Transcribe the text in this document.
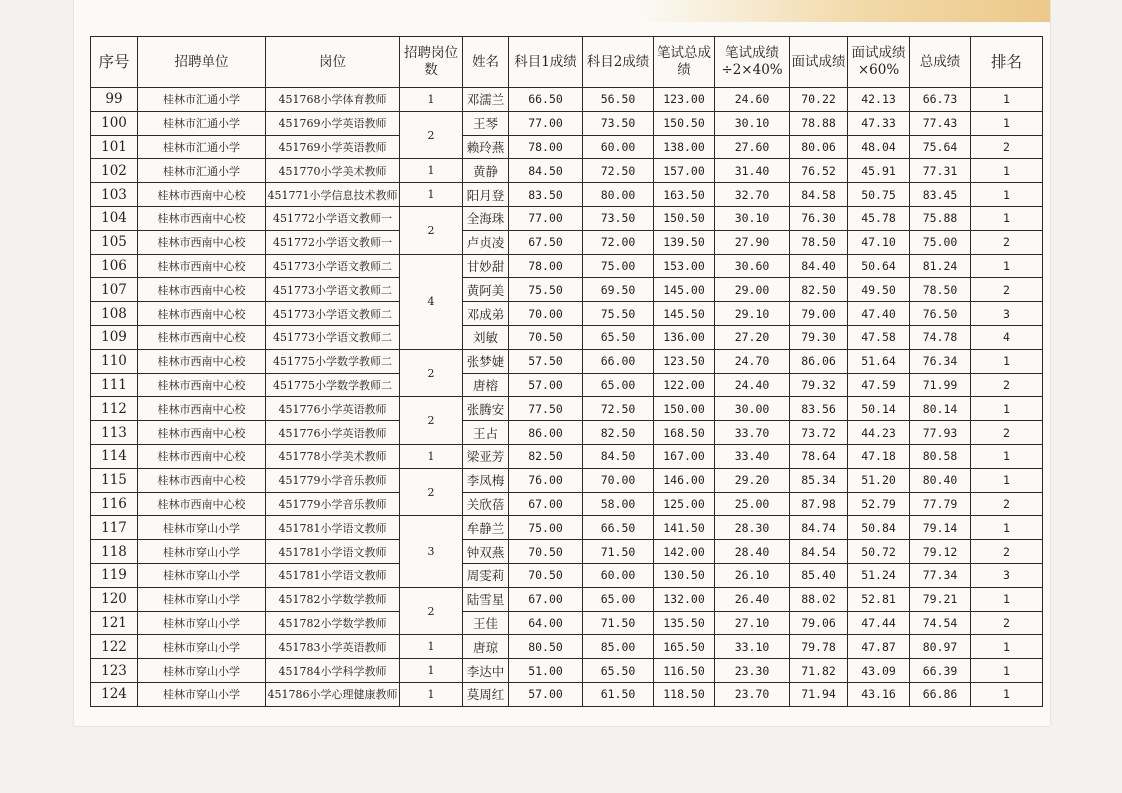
序号	招聘单位	岗位	招聘岗位数	姓名	科目1成绩	科目2成绩	笔试总成绩	笔试成绩÷2×40%	面试成绩	面试成绩×60%	总成绩	排名
99	桂林市汇通小学	451768小学体育教师	1	邓濡兰	66.50	56.50	123.00	24.60	70.22	42.13	66.73	1
100	桂林市汇通小学	451769小学英语教师	2	王琴	77.00	73.50	150.50	30.10	78.88	47.33	77.43	1
101	桂林市汇通小学	451769小学英语教师		赖玲燕	78.00	60.00	138.00	27.60	80.06	48.04	75.64	2
102	桂林市汇通小学	451770小学美术教师	1	黄静	84.50	72.50	157.00	31.40	76.52	45.91	77.31	1
103	桂林市西南中心校	451771小学信息技术教师	1	阳月登	83.50	80.00	163.50	32.70	84.58	50.75	83.45	1
104	桂林市西南中心校	451772小学语文教师一	2	全海珠	77.00	73.50	150.50	30.10	76.30	45.78	75.88	1
105	桂林市西南中心校	451772小学语文教师一		卢贞凌	67.50	72.00	139.50	27.90	78.50	47.10	75.00	2
106	桂林市西南中心校	451773小学语文教师二	4	甘妙甜	78.00	75.00	153.00	30.60	84.40	50.64	81.24	1
107	桂林市西南中心校	451773小学语文教师二		黄阿美	75.50	69.50	145.00	29.00	82.50	49.50	78.50	2
108	桂林市西南中心校	451773小学语文教师二		邓成弟	70.00	75.50	145.50	29.10	79.00	47.40	76.50	3
109	桂林市西南中心校	451773小学语文教师二		刘敏	70.50	65.50	136.00	27.20	79.30	47.58	74.78	4
110	桂林市西南中心校	451775小学数学教师二	2	张梦婕	57.50	66.00	123.50	24.70	86.06	51.64	76.34	1
111	桂林市西南中心校	451775小学数学教师二		唐榕	57.00	65.00	122.00	24.40	79.32	47.59	71.99	2
112	桂林市西南中心校	451776小学英语教师	2	张腾安	77.50	72.50	150.00	30.00	83.56	50.14	80.14	1
113	桂林市西南中心校	451776小学英语教师		王占	86.00	82.50	168.50	33.70	73.72	44.23	77.93	2
114	桂林市西南中心校	451778小学美术教师	1	梁亚芳	82.50	84.50	167.00	33.40	78.64	47.18	80.58	1
115	桂林市西南中心校	451779小学音乐教师	2	李凤梅	76.00	70.00	146.00	29.20	85.34	51.20	80.40	1
116	桂林市西南中心校	451779小学音乐教师		关欣蓓	67.00	58.00	125.00	25.00	87.98	52.79	77.79	2
117	桂林市穿山小学	451781小学语文教师	3	牟静兰	75.00	66.50	141.50	28.30	84.74	50.84	79.14	1
118	桂林市穿山小学	451781小学语文教师		钟双燕	70.50	71.50	142.00	28.40	84.54	50.72	79.12	2
119	桂林市穿山小学	451781小学语文教师		周雯莉	70.50	60.00	130.50	26.10	85.40	51.24	77.34	3
120	桂林市穿山小学	451782小学数学教师	2	陆雪星	67.00	65.00	132.00	26.40	88.02	52.81	79.21	1
121	桂林市穿山小学	451782小学数学教师		王佳	64.00	71.50	135.50	27.10	79.06	47.44	74.54	2
122	桂林市穿山小学	451783小学英语教师	1	唐琼	80.50	85.00	165.50	33.10	79.78	47.87	80.97	1
123	桂林市穿山小学	451784小学科学教师	1	李达中	51.00	65.50	116.50	23.30	71.82	43.09	66.39	1
124	桂林市穿山小学	451786小学心理健康教师	1	莫周红	57.00	61.50	118.50	23.70	71.94	43.16	66.86	1
